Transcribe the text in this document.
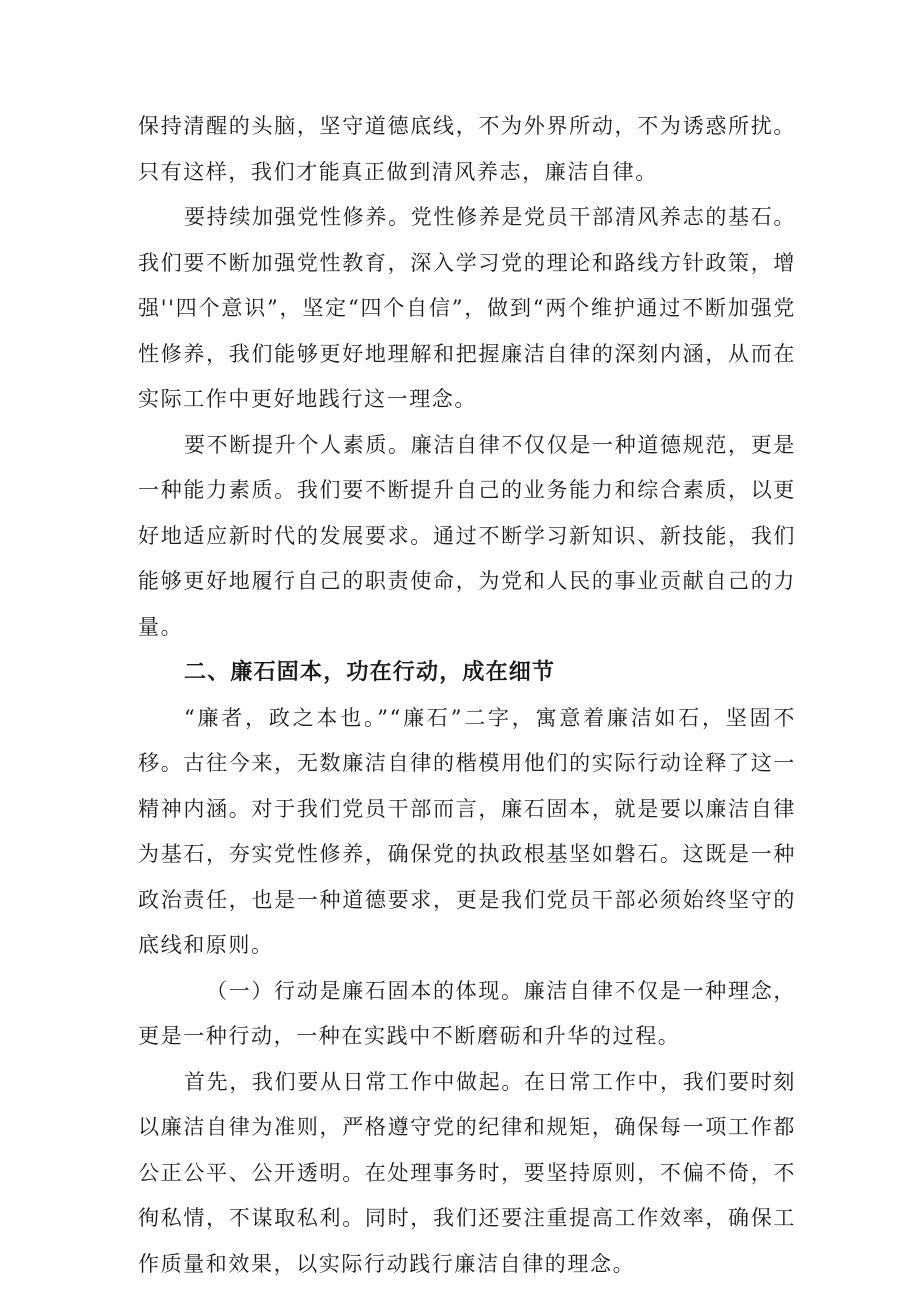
保持清醒的头脑，坚守道德底线，不为外界所动，不为诱惑所扰。只有这样，我们才能真正做到清风养志，廉洁自律。

要持续加强党性修养。党性修养是党员干部清风养志的基石。我们要不断加强党性教育，深入学习党的理论和路线方针政策，增强''四个意识”，坚定“四个自信”，做到“两个维护通过不断加强党性修养，我们能够更好地理解和把握廉洁自律的深刻内涵，从而在实际工作中更好地践行这一理念。

要不断提升个人素质。廉洁自律不仅仅是一种道德规范，更是一种能力素质。我们要不断提升自己的业务能力和综合素质，以更好地适应新时代的发展要求。通过不断学习新知识、新技能，我们能够更好地履行自己的职责使命，为党和人民的事业贡献自己的力量。

二、廉石固本，功在行动，成在细节

“廉者，政之本也。”“廉石”二字，寓意着廉洁如石，坚固不移。古往今来，无数廉洁自律的楷模用他们的实际行动诠释了这一精神内涵。对于我们党员干部而言，廉石固本，就是要以廉洁自律为基石，夯实党性修养，确保党的执政根基坚如磐石。这既是一种政治责任，也是一种道德要求，更是我们党员干部必须始终坚守的底线和原则。

（一）行动是廉石固本的体现。廉洁自律不仅是一种理念，更是一种行动，一种在实践中不断磨砺和升华的过程。

首先，我们要从日常工作中做起。在日常工作中，我们要时刻以廉洁自律为准则，严格遵守党的纪律和规矩，确保每一项工作都公正公平、公开透明。在处理事务时，要坚持原则，不偏不倚，不徇私情，不谋取私利。同时，我们还要注重提高工作效率，确保工作质量和效果，以实际行动践行廉洁自律的理念。
